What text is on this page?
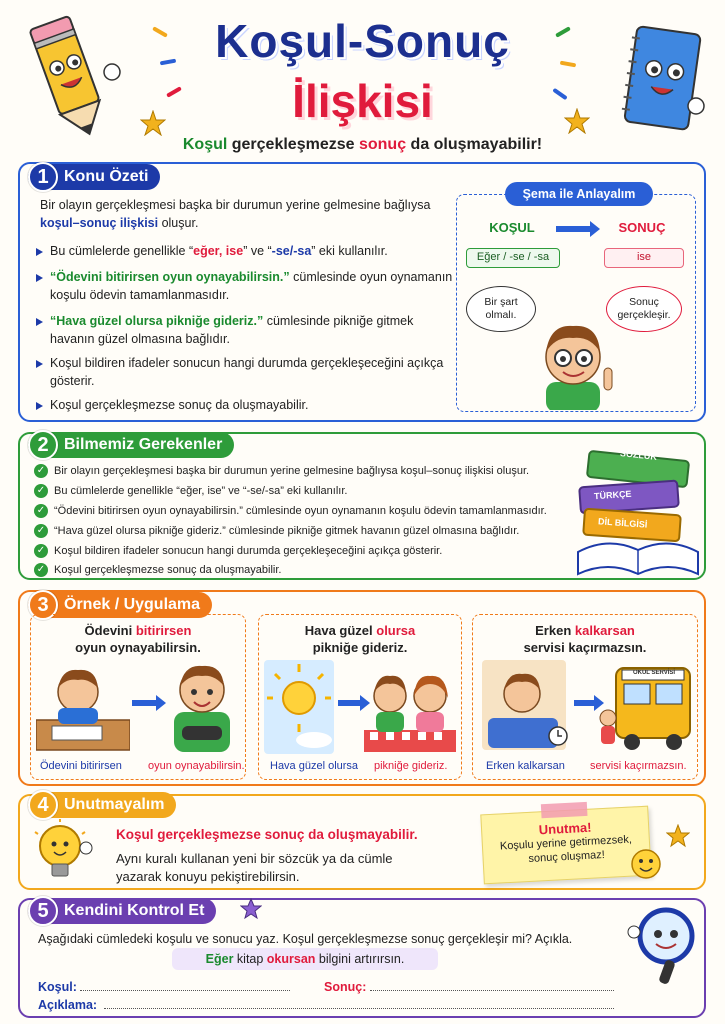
Koşul-Sonuç
İlişkisi
Koşul gerçekleşmezse sonuç da oluşmayabilir!
1 Konu Özeti
Bir olayın gerçekleşmesi başka bir durumun yerine gelmesine bağlıysa
koşul–sonuç ilişkisi oluşur.
Bu cümlelerde genellikle “eğer, ise” ve “-se/-sa” eki kullanılır.
“Ödevini bitirirsen oyun oynayabilirsin.” cümlesinde oyun oynamanın koşulu ödevin tamamlanmasıdır.
“Hava güzel olursa pikniğe gideriz.” cümlesinde pikniğe gitmek havanın güzel olmasına bağlıdır.
Koşul bildiren ifadeler sonucun hangi durumda gerçekleşeceğini açıkça gösterir.
Koşul gerçekleşmezse sonuç da oluşmayabilir.
Şema ile Anlayalım
KOŞUL	SONUÇ
Eğer / -se / -sa	ise
Bir şart olmalı.
Sonuç gerçekleşir.
2 Bilmemiz Gerekenler
✓ Bir olayın gerçekleşmesi başka bir durumun yerine gelmesine bağlıysa koşul–sonuç ilişkisi oluşur.
✓ Bu cümlelerde genellikle “eğer, ise” ve “-se/-sa” eki kullanılır.
✓ “Ödevini bitirirsen oyun oynayabilirsin.” cümlesinde oyun oynamanın koşulu ödevin tamamlanmasıdır.
✓ “Hava güzel olursa pikniğe gideriz.” cümlesinde pikniğe gitmek havanın güzel olmasına bağlıdır.
✓ Koşul bildiren ifadeler sonucun hangi durumda gerçekleşeceğini açıkça gösterir.
✓ Koşul gerçekleşmezse sonuç da oluşmayabilir.
SÖZLÜK
TÜRKÇE
DİL BİLGİSİ
3 Örnek / Uygulama
Ödevini bitirirsen
oyun oynayabilirsin.
Hava güzel olursa
pikniğe gideriz.
Erken kalkarsan
servisi kaçırmazsın.
Ödevini bitirirsen oyun oynayabilirsin. Hava güzel olursa pikniğe gideriz.
OKUL SERVİSİ
Erken kalkarsan servisi kaçırmazsın.
4 Unutmayalım
Koşul gerçekleşmezse sonuç da oluşmayabilir.
Aynı kuralı kullanan yeni bir sözcük ya da cümle
yazarak konuyu pekiştirebilirsin.
Unutma!
Koşulu yerine getirmezsek,
sonuç oluşmaz!
5 Kendini Kontrol Et
Aşağıdaki cümledeki koşulu ve sonucu yaz. Koşul gerçekleşmezse sonuç gerçekleşir mi? Açıkla.
Eğer kitap okursan bilgini artırırsın.
Koşul:	Sonuç:
Açıklama:
